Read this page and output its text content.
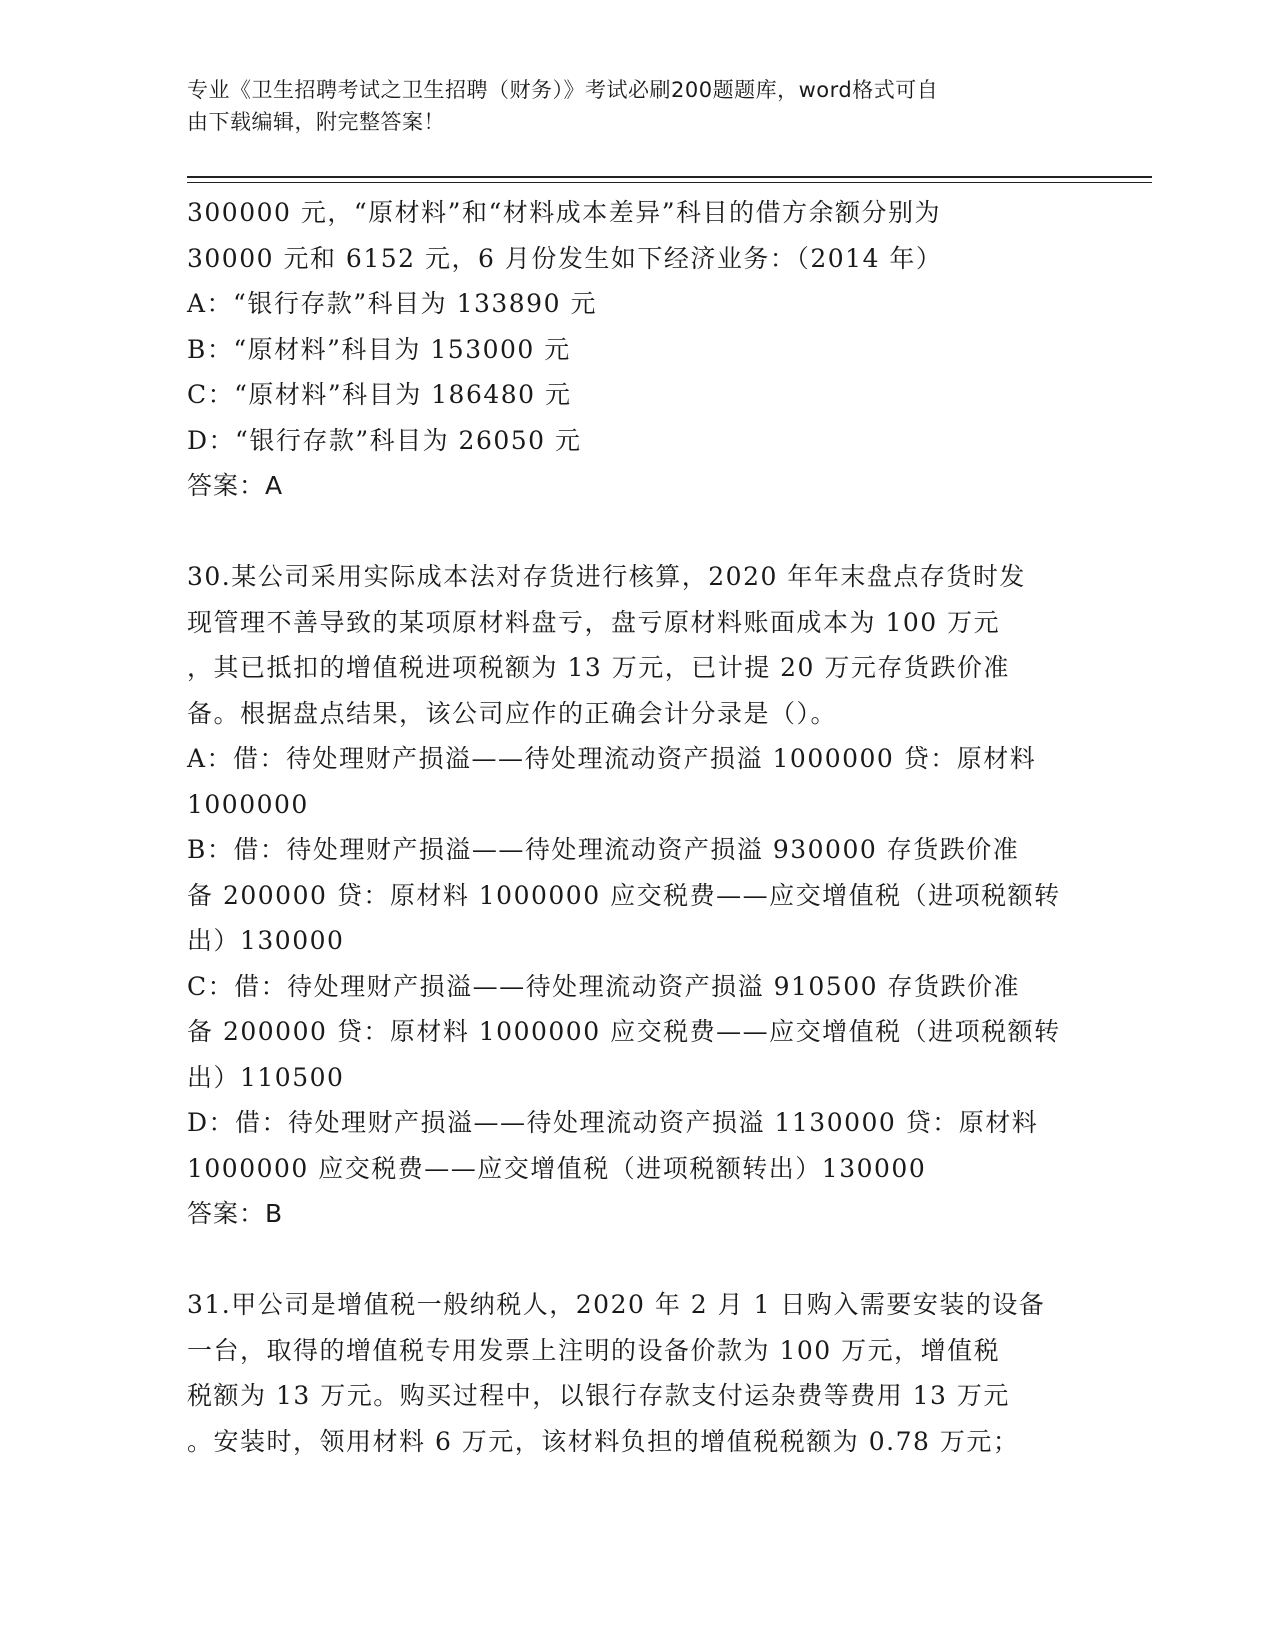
专业《卫生招聘考试之卫生招聘（财务）》考试必刷200题题库，word格式可自
由下载编辑，附完整答案！
300000 元，“原材料”和“材料成本差异”科目的借方余额分别为
30000 元和 6152 元，6 月份发生如下经济业务：（2014 年）
A：“银行存款”科目为 133890 元
B：“原材料”科目为 153000 元
C：“原材料”科目为 186480 元
D：“银行存款”科目为 26050 元
答案：A
30.某公司采用实际成本法对存货进行核算，2020 年年末盘点存货时发
现管理不善导致的某项原材料盘亏，盘亏原材料账面成本为 100 万元
，其已抵扣的增值税进项税额为 13 万元，已计提 20 万元存货跌价准
备。根据盘点结果，该公司应作的正确会计分录是（）。
A：借：待处理财产损溢——待处理流动资产损溢 1000000 贷：原材料
1000000
B：借：待处理财产损溢——待处理流动资产损溢 930000 存货跌价准
备 200000 贷：原材料 1000000 应交税费——应交增值税（进项税额转
出）130000
C：借：待处理财产损溢——待处理流动资产损溢 910500 存货跌价准
备 200000 贷：原材料 1000000 应交税费——应交增值税（进项税额转
出）110500
D：借：待处理财产损溢——待处理流动资产损溢 1130000 贷：原材料
1000000 应交税费——应交增值税（进项税额转出）130000
答案：B
31.甲公司是增值税一般纳税人，2020 年 2 月 1 日购入需要安装的设备
一台，取得的增值税专用发票上注明的设备价款为 100 万元，增值税
税额为 13 万元。购买过程中，以银行存款支付运杂费等费用 13 万元
。安装时，领用材料 6 万元，该材料负担的增值税税额为 0.78 万元；
